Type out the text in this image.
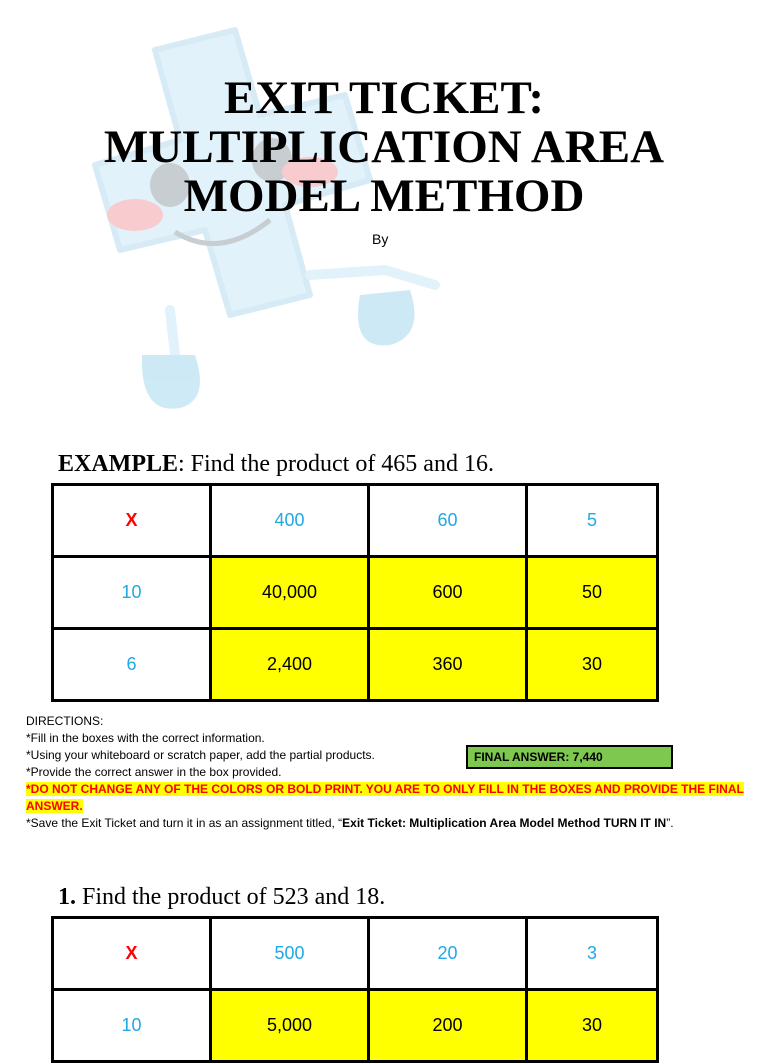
EXIT TICKET:
MULTIPLICATION AREA
MODEL METHOD
By

EXAMPLE: Find the product of 465 and 16.

X	400	60	5
10	40,000	600	50
6	2,400	360	30
DIRECTIONS:
*Fill in the boxes with the correct information.
*Using your whiteboard or scratch paper, add the partial products.
*Provide the correct answer in the box provided.
*DO NOT CHANGE ANY OF THE COLORS OR BOLD PRINT. YOU ARE TO ONLY FILL IN THE BOXES AND PROVIDE THE FINAL ANSWER.
*Save the Exit Ticket and turn it in as an assignment titled, “Exit Ticket: Multiplication Area Model Method TURN IT IN”.
FINAL ANSWER: 7,440

1. Find the product of 523 and 18.

X	500	20	3
10	5,000	200	30
